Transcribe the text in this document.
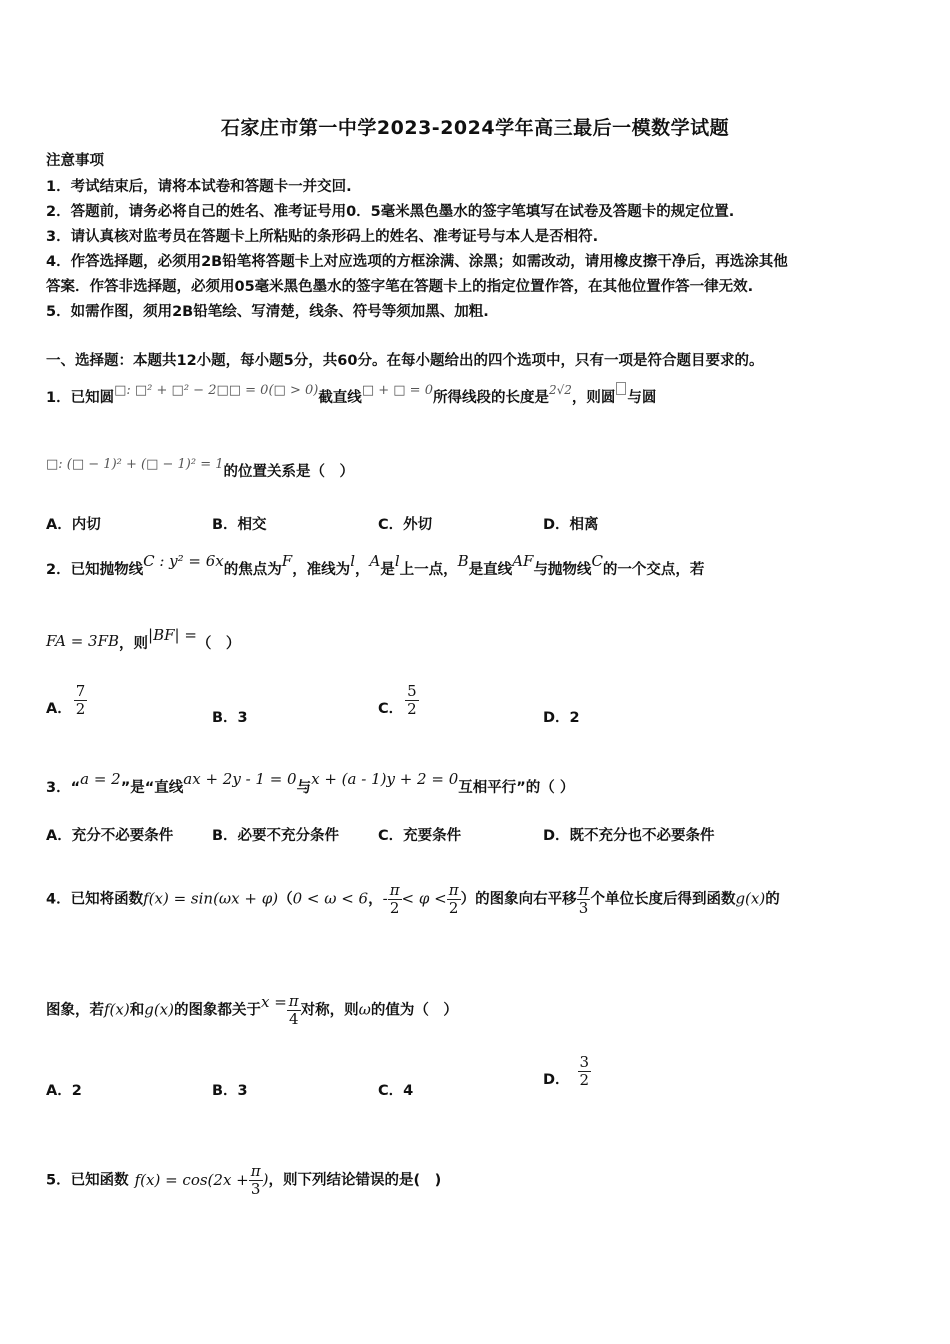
石家庄市第一中学2023-2024学年高三最后一模数学试题
注意事项
1．考试结束后，请将本试卷和答题卡一并交回.
2．答题前，请务必将自己的姓名、准考证号用0．5毫米黑色墨水的签字笔填写在试卷及答题卡的规定位置.
3．请认真核对监考员在答题卡上所粘贴的条形码上的姓名、准考证号与本人是否相符.
4．作答选择题，必须用2B铅笔将答题卡上对应选项的方框涂满、涂黑；如需改动，请用橡皮擦干净后，再选涂其他
答案．作答非选择题，必须用05毫米黑色墨水的签字笔在答题卡上的指定位置作答，在其他位置作答一律无效.
5．如需作图，须用2B铅笔绘、写清楚，线条、符号等须加黑、加粗.
一、选择题：本题共12小题，每小题5分，共60分。在每小题给出的四个选项中，只有一项是符合题目要求的。
1．已知圆□: □² + □² − 2□□ = 0(□ > 0)截直线□ + □ = 0所得线段的长度是$^{2√2}$，则圆 与圆
□: (□ − 1)² + (□ − 1)² = 1的位置关系是（　）
A．内切	B．相交	C．外切	D．相离
2．已知抛物线C : y² = 6x的焦点为F，准线为l，A是l上一点，B是直线AF与抛物线C的一个交点，若
FA = 3FB，则|BF| =（　）
A． $\frac{7}{2}$	B．3
C． $\frac{5}{2}$	D．2
3．“a = 2”是“直线ax + 2y - 1 = 0与x + (a - 1)y + 2 = 0互相平行”的（ ）
A．充分不必要条件	B．必要不充分条件	C．充要条件	D．既不充分也不必要条件
4．已知将函数f(x) = sin(ωx + φ)（0 < ω < 6，- $\frac{\pi}{2} < \varphi < \frac{\pi}{2}$ ）的图象向右平移 $\frac{\pi}{3}$ 个单位长度后得到函数g(x)的
图象，若f(x)和g(x)的图象都关于$x = \frac{\pi}{4}$ 对称，则ω的值为（　）
A．2	B．3	C．4
D． $\frac{3}{2}$
5．已知函数 $f(x) = \cos(2x + \frac{\pi}{3}$ )，则下列结论错误的是(　)
